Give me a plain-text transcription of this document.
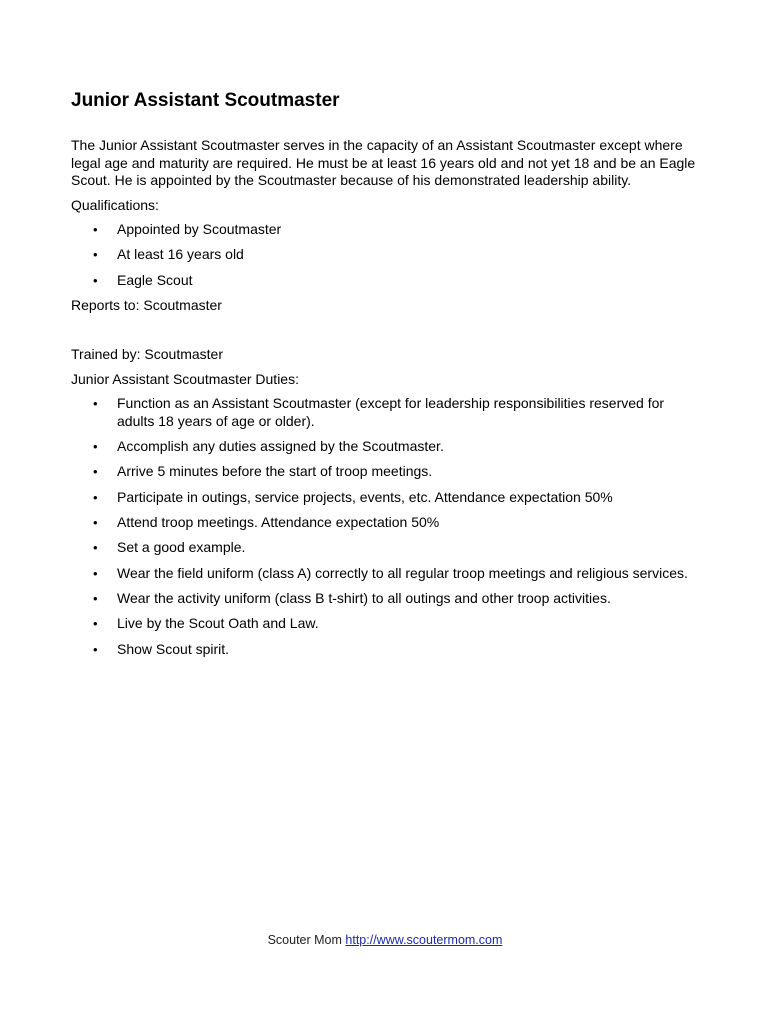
Junior Assistant Scoutmaster

The Junior Assistant Scoutmaster serves in the capacity of an Assistant Scoutmaster except where legal age and maturity are required. He must be at least 16 years old and not yet 18 and be an Eagle Scout. He is appointed by the Scoutmaster because of his demonstrated leadership ability.

Qualifications:

• Appointed by Scoutmaster
• At least 16 years old
• Eagle Scout

Reports to: Scoutmaster

Trained by: Scoutmaster

Junior Assistant Scoutmaster Duties:

• Function as an Assistant Scoutmaster (except for leadership responsibilities reserved for adults 18 years of age or older).
• Accomplish any duties assigned by the Scoutmaster.
• Arrive 5 minutes before the start of troop meetings.
• Participate in outings, service projects, events, etc. Attendance expectation 50%
• Attend troop meetings. Attendance expectation 50%
• Set a good example.
• Wear the field uniform (class A) correctly to all regular troop meetings and religious services.
• Wear the activity uniform (class B t-shirt) to all outings and other troop activities.
• Live by the Scout Oath and Law.
• Show Scout spirit.
Scouter Mom http://www.scoutermom.com
